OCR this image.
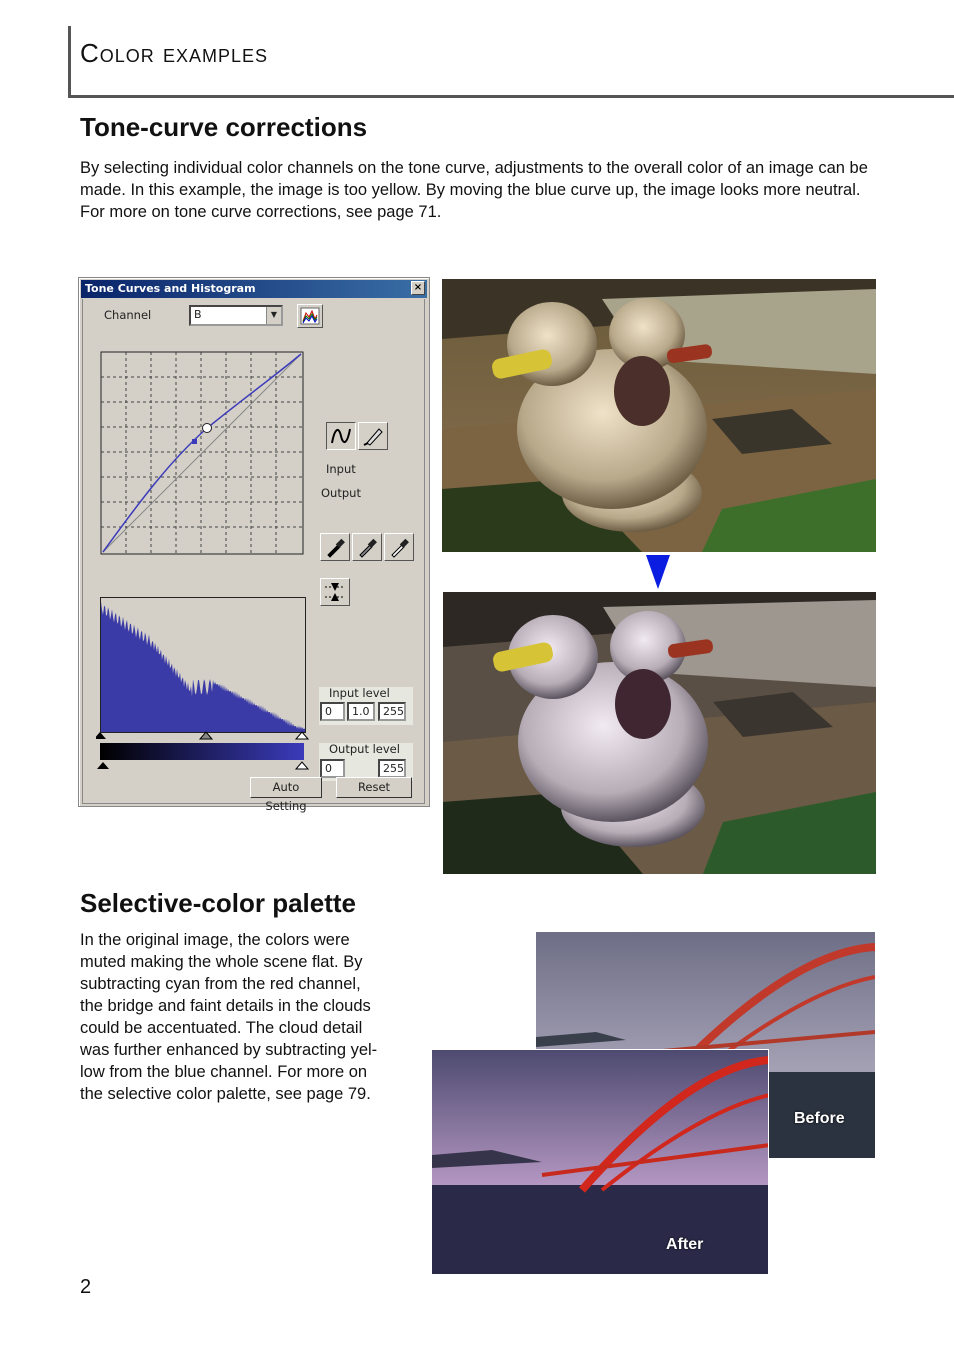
Color examples
Tone-curve corrections
By selecting individual color channels on the tone curve, adjustments to the overall color of an image can be made. In this example, the image is too yellow. By moving the blue curve up, the image looks more neutral. For more on tone curve corrections, see page 71.
Tone Curves and Histogram	×
Channel	B	▼
Input
Output
Input level
0	1.0	255
Output level
0	255
Auto Setting
Reset
Selective-color palette
In the original image, the colors were
muted making the whole scene flat. By
subtracting cyan from the red channel,
the bridge and faint details in the clouds
could be accentuated. The cloud detail
was further enhanced by subtracting yel-
low from the blue channel. For more on
the selective color palette, see page 79.
Before
After
2
